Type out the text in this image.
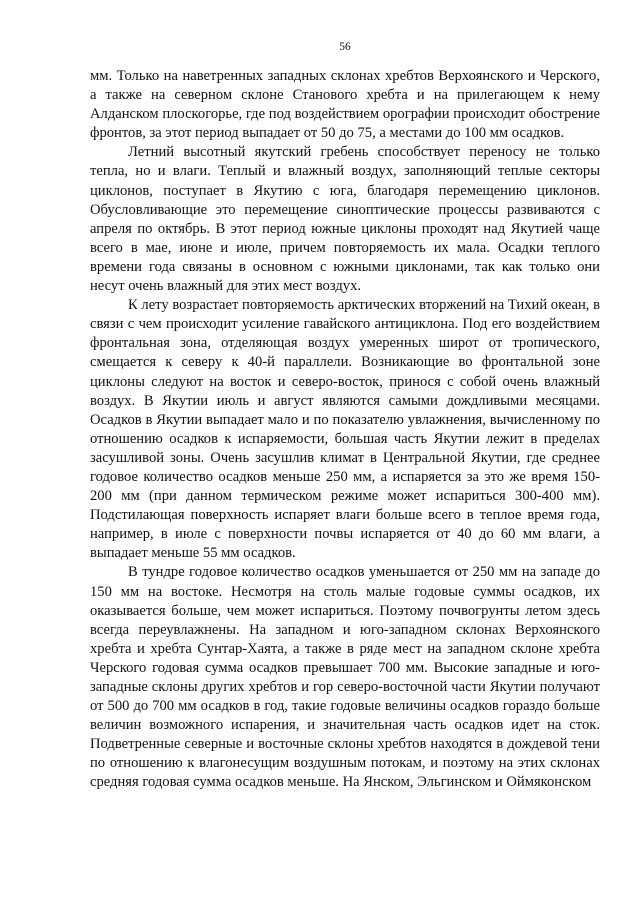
56

мм. Только на наветренных западных склонах хребтов Верхоянского и Черского, а также на северном склоне Станового хребта и на прилегающем к нему Алданском плоскогорье, где под воздействием орографии происходит обострение фронтов, за этот период выпадает от 50 до 75, а местами до 100 мм осадков.

Летний высотный якутский гребень способствует переносу не только тепла, но и влаги. Теплый и влажный воздух, заполняющий теплые секторы циклонов, поступает в Якутию с юга, благодаря перемещению циклонов. Обусловливающие это перемещение синоптические процессы развиваются с апреля по октябрь. В этот период южные циклоны проходят над Якутией чаще всего в мае, июне и июле, причем повторяемость их мала. Осадки теплого времени года связаны в основном с южными циклонами, так как только они несут очень влажный для этих мест воздух.

К лету возрастает повторяемость арктических вторжений на Тихий океан, в связи с чем происходит усиление гавайского антициклона. Под его воздействием фронтальная зона, отделяющая воздух умеренных широт от тропического, смещается к северу к 40-й параллели. Возникающие во фронтальной зоне циклоны следуют на восток и северо-восток, принося с собой очень влажный воздух. В Якутии июль и август являются самыми дождливыми месяцами. Осадков в Якутии выпадает мало и по показателю увлажнения, вычисленному по отношению осадков к испаряемости, большая часть Якутии лежит в пределах засушливой зоны. Очень засушлив климат в Центральной Якутии, где среднее годовое количество осадков меньше 250 мм, а испаряется за это же время 150-200 мм (при данном термическом режиме может испариться 300-400 мм). Подстилающая поверхность испаряет влаги больше всего в теплое время года, например, в июле с поверхности почвы испаряется от 40 до 60 мм влаги, а выпадает меньше 55 мм осадков.

В тундре годовое количество осадков уменьшается от 250 мм на западе до 150 мм на востоке. Несмотря на столь малые годовые суммы осадков, их оказывается больше, чем может испариться. Поэтому почвогрунты летом здесь всегда переувлажнены. На западном и юго-западном склонах Верхоянского хребта и хребта Сунтар-Хаята, а также в ряде мест на западном склоне хребта Черского годовая сумма осадков превышает 700 мм. Высокие западные и юго-западные склоны других хребтов и гор северо-восточной части Якутии получают от 500 до 700 мм осадков в год, такие годовые величины осадков гораздо больше величин возможного испарения, и значительная часть осадков идет на сток. Подветренные северные и восточные склоны хребтов находятся в дождевой тени по отношению к влагонесущим воздушным потокам, и поэтому на этих склонах средняя годовая сумма осадков меньше. На Янском, Эльгинском и Оймяконском
